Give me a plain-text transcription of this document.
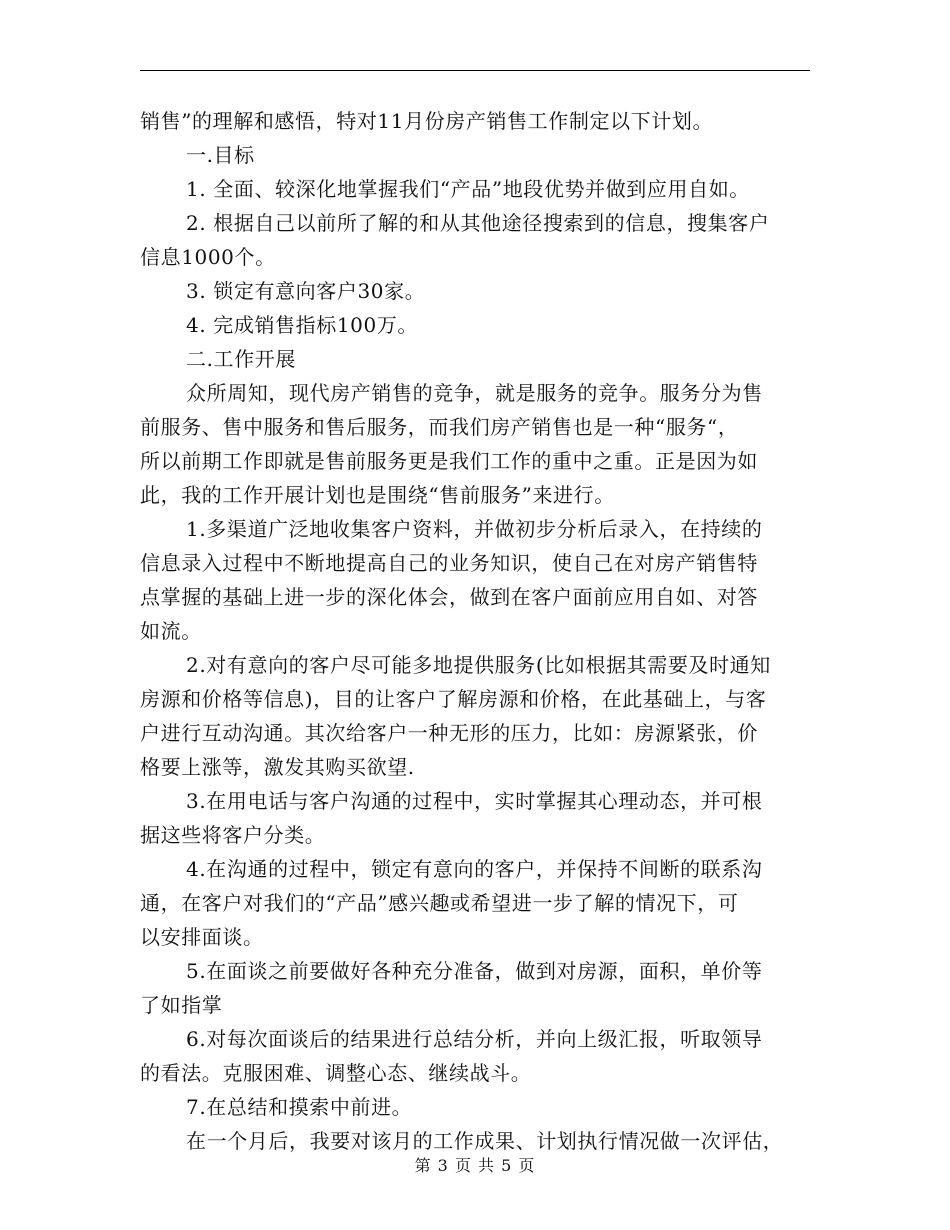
销售”的理解和感悟，特对11月份房产销售工作制定以下计划。
一.目标
1. 全面、较深化地掌握我们“产品”地段优势并做到应用自如。
2. 根据自己以前所了解的和从其他途径搜索到的信息，搜集客户
信息1000个。
3. 锁定有意向客户30家。
4. 完成销售指标100万。
二.工作开展
众所周知，现代房产销售的竞争，就是服务的竞争。服务分为售
前服务、售中服务和售后服务，而我们房产销售也是一种“服务“，
所以前期工作即就是售前服务更是我们工作的重中之重。正是因为如
此，我的工作开展计划也是围绕“售前服务”来进行。
1.多渠道广泛地收集客户资料，并做初步分析后录入，在持续的
信息录入过程中不断地提高自己的业务知识，使自己在对房产销售特
点掌握的基础上进一步的深化体会，做到在客户面前应用自如、对答
如流。
2.对有意向的客户尽可能多地提供服务(比如根据其需要及时通知
房源和价格等信息)，目的让客户了解房源和价格，在此基础上，与客
户进行互动沟通。其次给客户一种无形的压力，比如：房源紧张，价
格要上涨等，激发其购买欲望.
3.在用电话与客户沟通的过程中，实时掌握其心理动态，并可根
据这些将客户分类。
4.在沟通的过程中，锁定有意向的客户，并保持不间断的联系沟
通，在客户对我们的“产品”感兴趣或希望进一步了解的情况下，可
以安排面谈。
5.在面谈之前要做好各种充分准备，做到对房源，面积，单价等
了如指掌
6.对每次面谈后的结果进行总结分析，并向上级汇报，听取领导
的看法。克服困难、调整心态、继续战斗。
7.在总结和摸索中前进。
在一个月后，我要对该月的工作成果、计划执行情况做一次评估，
第 3 页 共 5 页
